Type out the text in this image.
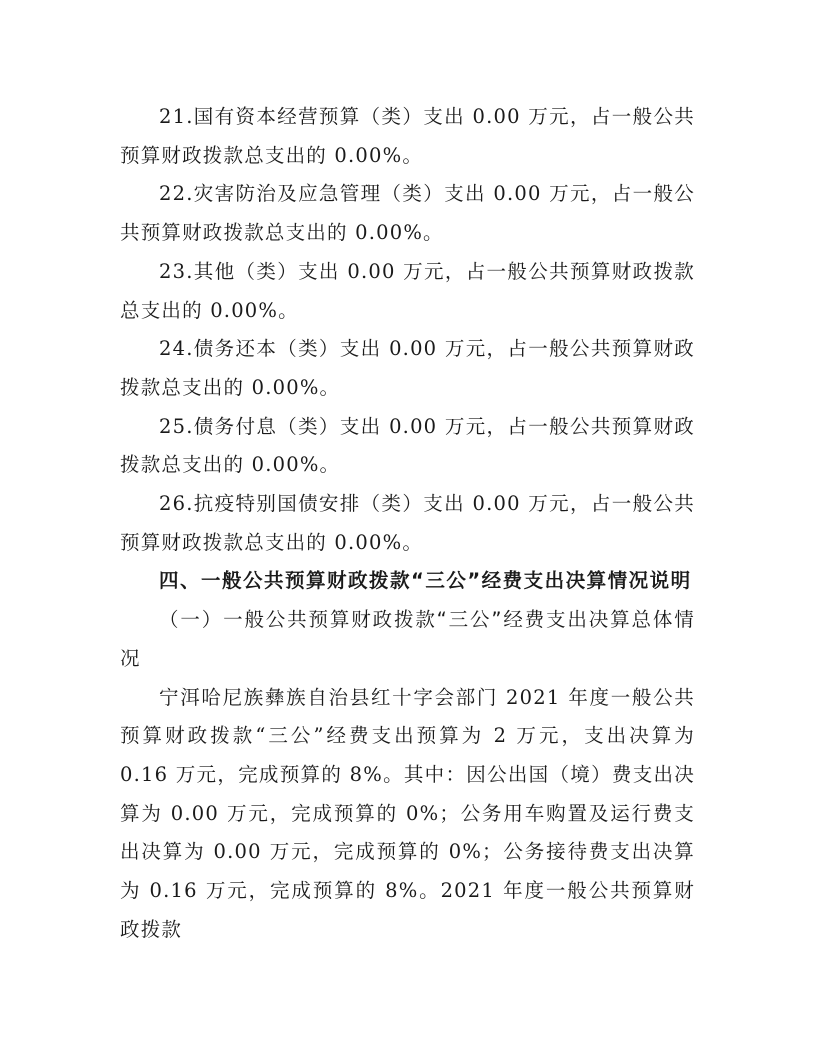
21.国有资本经营预算（类）支出 0.00 万元，占一般公共预算财政拨款总支出的 0.00%。

22.灾害防治及应急管理（类）支出 0.00 万元，占一般公共预算财政拨款总支出的 0.00%。

23.其他（类）支出 0.00 万元，占一般公共预算财政拨款总支出的 0.00%。

24.债务还本（类）支出 0.00 万元，占一般公共预算财政拨款总支出的 0.00%。

25.债务付息（类）支出 0.00 万元，占一般公共预算财政拨款总支出的 0.00%。

26.抗疫特别国债安排（类）支出 0.00 万元，占一般公共预算财政拨款总支出的 0.00%。

四、一般公共预算财政拨款“三公”经费支出决算情况说明

（一）一般公共预算财政拨款“三公”经费支出决算总体情况

宁洱哈尼族彝族自治县红十字会部门 2021 年度一般公共预算财政拨款“三公”经费支出预算为 2 万元，支出决算为 0.16 万元，完成预算的 8%。其中：因公出国（境）费支出决算为 0.00 万元，完成预算的 0%；公务用车购置及运行费支出决算为 0.00 万元，完成预算的 0%；公务接待费支出决算为 0.16 万元，完成预算的 8%。2021 年度一般公共预算财政拨款
